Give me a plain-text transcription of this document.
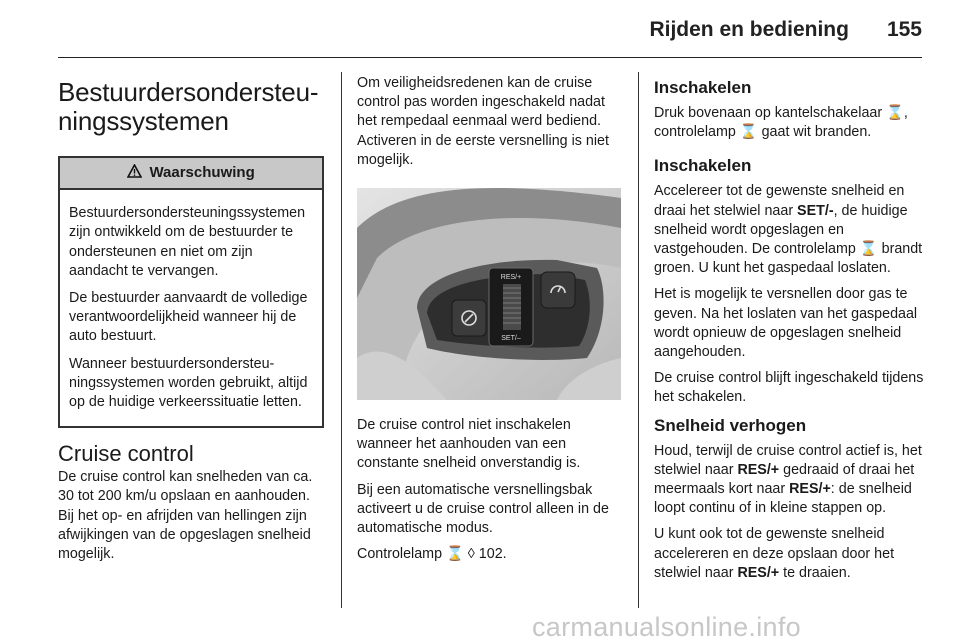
Rijden en bediening 155
Bestuurdersondersteu-
ningssystemen
Waarschuwing

Bestuurdersondersteuningssystemen zijn ontwikkeld om de bestuurder te ondersteunen en niet om zijn aandacht te vervangen.

De bestuurder aanvaardt de volledige verantwoordelijkheid wanneer hij de auto bestuurt.

Wanneer bestuurdersondersteuningssystemen worden gebruikt, altijd op de huidige verkeerssituatie letten.

Cruise control

De cruise control kan snelheden van ca. 30 tot 200 km/u opslaan en aanhouden. Bij het op- en afrijden van hellingen zijn afwijkingen van de opgeslagen snelheid mogelijk.

Om veiligheidsredenen kan de cruise control pas worden ingeschakeld nadat het rempedaal eenmaal werd bediend. Activeren in de eerste versnelling is niet mogelijk.

RES/+
SET/–

De cruise control niet inschakelen wanneer het aanhouden van een constante snelheid onverstandig is.

Bij een automatische versnellingsbak activeert u de cruise control alleen in de automatische modus.

Controlelamp ⌛ ◊ 102.

Inschakelen

Druk bovenaan op kantelschakelaar ⌛, controlelamp ⌛ gaat wit branden.

Inschakelen

Accelereer tot de gewenste snelheid en draai het stelwiel naar SET/-, de huidige snelheid wordt opgeslagen en vastgehouden. De controlelamp ⌛ brandt groen. U kunt het gaspedaal loslaten.

Het is mogelijk te versnellen door gas te geven. Na het loslaten van het gaspedaal wordt opnieuw de opgeslagen snelheid aangehouden.

De cruise control blijft ingeschakeld tijdens het schakelen.

Snelheid verhogen

Houd, terwijl de cruise control actief is, het stelwiel naar RES/+ gedraaid of draai het meermaals kort naar RES/+: de snelheid loopt continu of in kleine stappen op.

U kunt ook tot de gewenste snelheid accelereren en deze opslaan door het stelwiel naar RES/+ te draaien.

carmanualsonline.info
